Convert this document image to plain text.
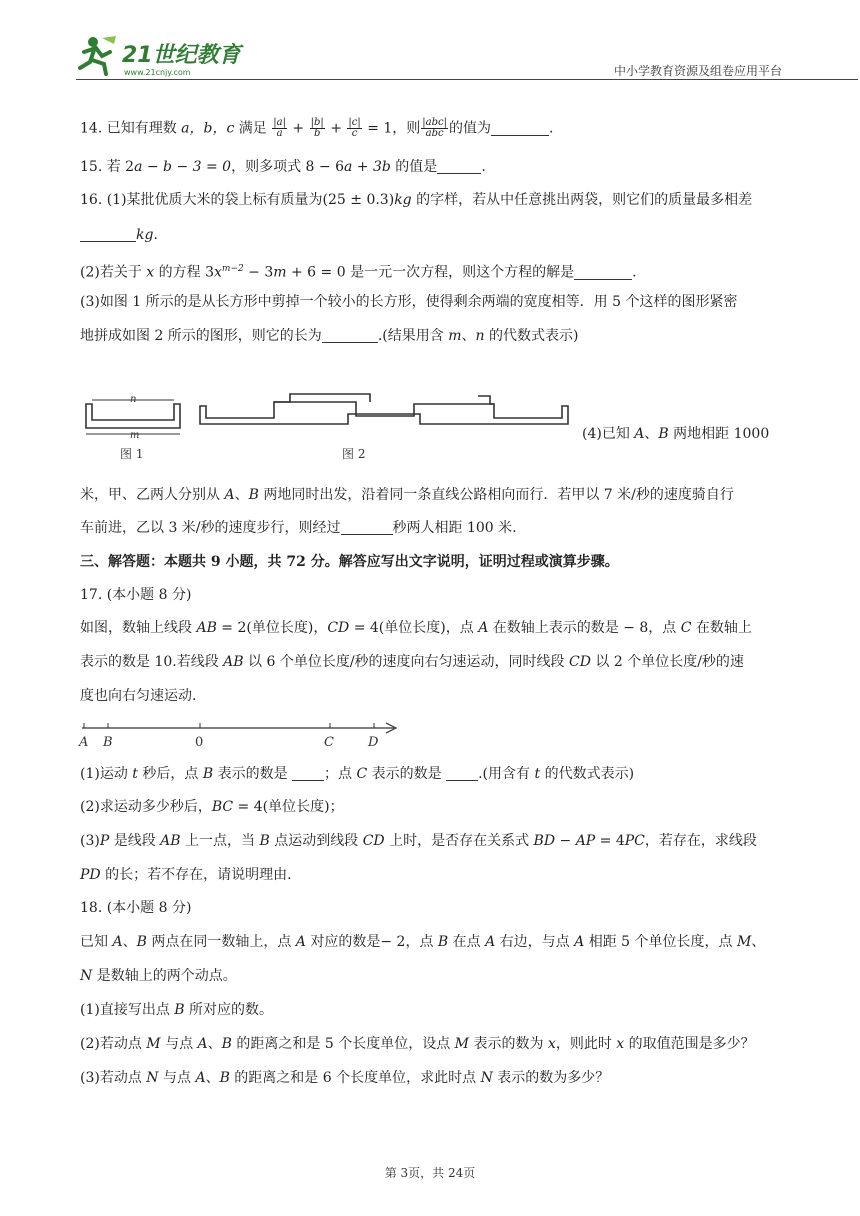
21世纪教育
www.21cnjy.com	中小学教育资源及组卷应用平台
14. 已知有理数 a，b，c 满足 $\frac{|a|}{a} + \frac{|b|}{b} + \frac{|c|}{c} = 1$，则 $\frac{\text{|abc|}}{\text{abc}}$ 的值为	.
15. 若 2a − b − 3 = 0，则多项式 8 − 6a + 3b 的值是	.
16. (1)某批优质大米的袋上标有质量为(25 ± 0.3)kg 的字样，若从中任意挑出两袋，则它们的质量最多相差
kg.
(2)若关于 x 的方程 $3x^{m-2} - 3m + 6 = 0$ 是一元一次方程，则这个方程的解是	.
(3)如图 1 所示的是从长方形中剪掉一个较小的长方形，使得剩余两端的宽度相等．用 5 个这样的图形紧密
地拼成如图 2 所示的图形，则它的长为	.(结果用含 m、n 的代数式表示)
n
m
图 1	图 2
(4)已知 A、B 两地相距 1000
米，甲、乙两人分别从 A、B 两地同时出发，沿着同一条直线公路相向而行．若甲以 7 米/秒的速度骑自行
车前进，乙以 3 米/秒的速度步行，则经过	秒两人相距 100 米.
三、解答题：本题共 9 小题，共 72 分。解答应写出文字说明，证明过程或演算步骤。
17. (本小题 8 分)
如图，数轴上线段 AB = 2(单位长度)，CD = 4(单位长度)，点 A 在数轴上表示的数是 − 8，点 C 在数轴上
表示的数是 10.若线段 AB 以 6 个单位长度/秒的速度向右匀速运动，同时线段 CD 以 2 个单位长度/秒的速
度也向右匀速运动.
A B	0	C	D
(1)运动 t 秒后，点 B 表示的数是 ；点 C 表示的数是 .(用含有 t 的代数式表示)
(2)求运动多少秒后，BC = 4(单位长度)；
(3)P 是线段 AB 上一点，当 B 点运动到线段 CD 上时，是否存在关系式 BD − AP = 4PC，若存在，求线段
PD 的长；若不存在，请说明理由.
18. (本小题 8 分)
已知 A、B 两点在同一数轴上，点 A 对应的数是− 2，点 B 在点 A 右边，与点 A 相距 5 个单位长度，点 M、
N 是数轴上的两个动点。
(1)直接写出点 B 所对应的数。
(2)若动点 M 与点 A、B 的距离之和是 5 个长度单位，设点 M 表示的数为 x，则此时 x 的取值范围是多少？
(3)若动点 N 与点 A、B 的距离之和是 6 个长度单位，求此时点 N 表示的数为多少？
第 3页，共 24页
